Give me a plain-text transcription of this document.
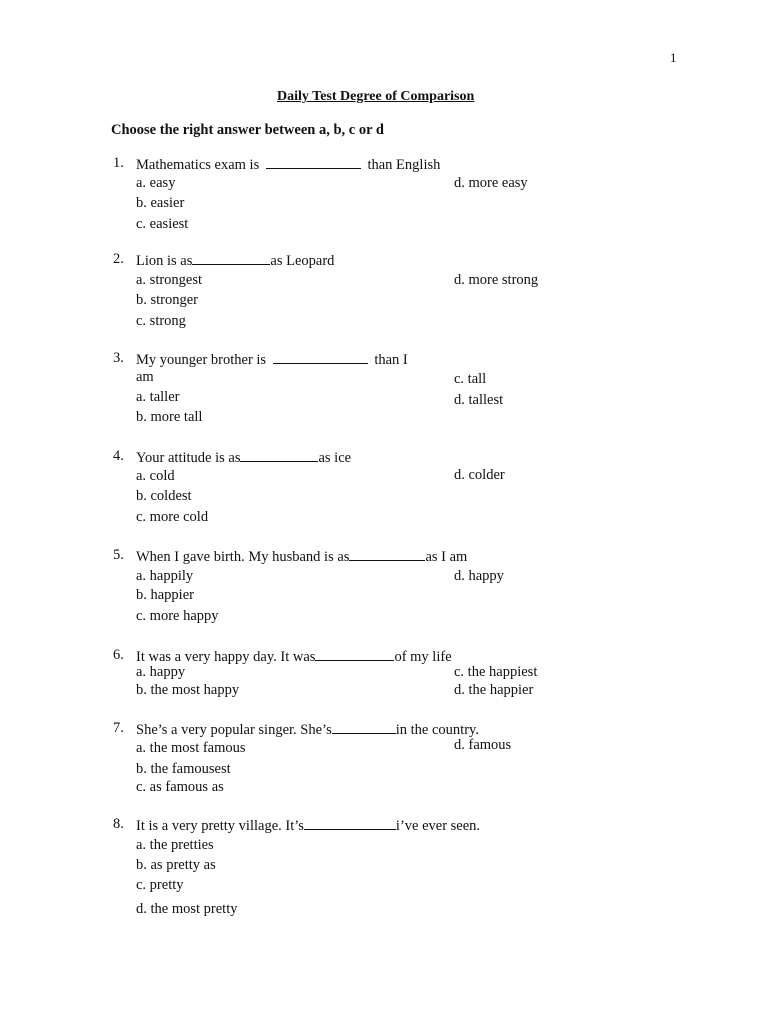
1
Daily Test Degree of Comparison
Choose the right answer between a, b, c or d
1. Mathematics exam is	than English
a. easy
b. easier
c. easiest
d. more easy
2. Lion is as	as Leopard
a. strongest
b. stronger
c. strong
d. more strong
3. My younger brother is	than I
am
a. taller
b. more tall
c. tall
d. tallest
4. Your attitude is as	as ice
a. cold
b. coldest
c. more cold
d. colder
5. When I gave birth. My husband is as	as I am
a. happily
b. happier
c. more happy
d. happy
6. It was a very happy day. It was	of my life
a. happy
b. the most happy
c. the happiest
d. the happier
7. She’s a very popular singer. She’s	in the country.
a. the most famous
b. the famousest
c. as famous as
d. famous
8. It is a very pretty village. It’s	i’ve ever seen.
a. the pretties
b. as pretty as
c. pretty
d. the most pretty
